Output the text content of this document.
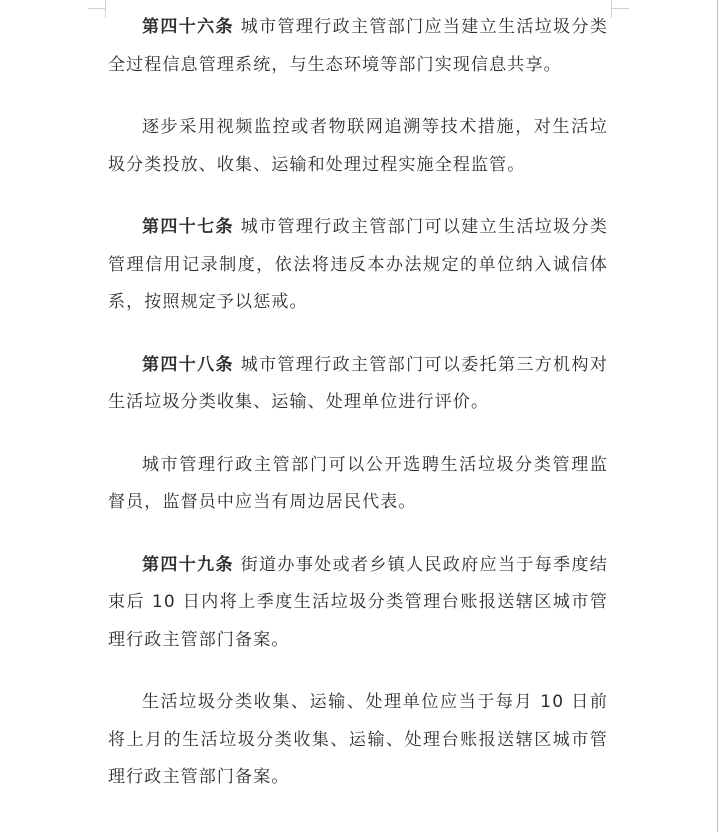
第四十六条 城市管理行政主管部门应当建立生活垃圾分类全过程信息管理系统，与生态环境等部门实现信息共享。

逐步采用视频监控或者物联网追溯等技术措施，对生活垃圾分类投放、收集、运输和处理过程实施全程监管。

第四十七条 城市管理行政主管部门可以建立生活垃圾分类管理信用记录制度，依法将违反本办法规定的单位纳入诚信体系，按照规定予以惩戒。

第四十八条 城市管理行政主管部门可以委托第三方机构对生活垃圾分类收集、运输、处理单位进行评价。

城市管理行政主管部门可以公开选聘生活垃圾分类管理监督员，监督员中应当有周边居民代表。

第四十九条 街道办事处或者乡镇人民政府应当于每季度结束后 10 日内将上季度生活垃圾分类管理台账报送辖区城市管理行政主管部门备案。

生活垃圾分类收集、运输、处理单位应当于每月 10 日前将上月的生活垃圾分类收集、运输、处理台账报送辖区城市管理行政主管部门备案。
